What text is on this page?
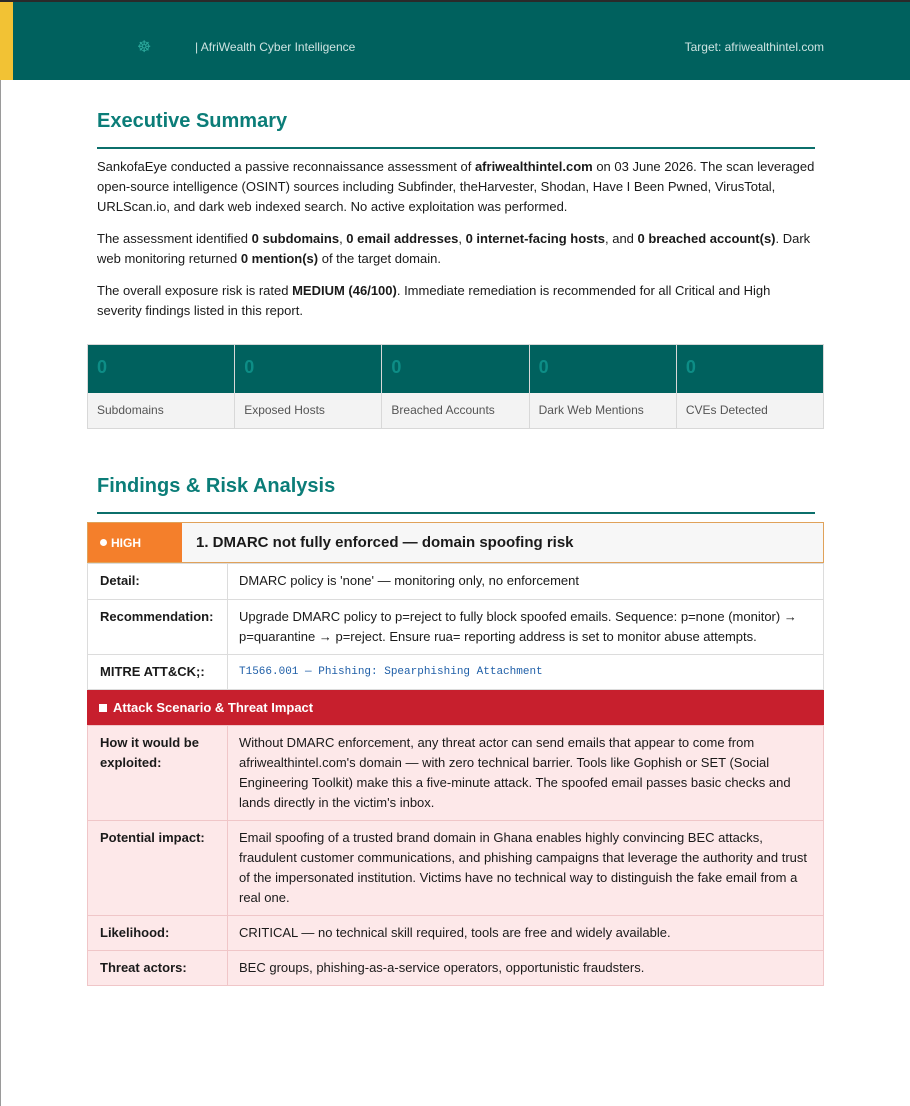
☸	| AfriWealth Cyber Intelligence	Target: afriwealthintel.com
Executive Summary
SankofaEye conducted a passive reconnaissance assessment of afriwealthintel.com on 03 June 2026. The scan leveraged open-source intelligence (OSINT) sources including Subfinder, theHarvester, Shodan, Have I Been Pwned, VirusTotal, URLScan.io, and dark web indexed search. No active exploitation was performed.
The assessment identified 0 subdomains, 0 email addresses, 0 internet-facing hosts, and 0 breached account(s). Dark web monitoring returned 0 mention(s) of the target domain.
The overall exposure risk is rated MEDIUM (46/100). Immediate remediation is recommended for all Critical and High severity findings listed in this report.
0
Subdomains
0
Exposed Hosts
0
Breached Accounts
0
Dark Web Mentions
0
CVEs Detected
Findings & Risk Analysis
HIGH	1. DMARC not fully enforced — domain spoofing risk
Detail:	DMARC policy is 'none' — monitoring only, no enforcement
Recommendation:	Upgrade DMARC policy to p=reject to fully block spoofed emails. Sequence: p=none (monitor) → p=quarantine → p=reject. Ensure rua= reporting address is set to monitor abuse attempts.
MITRE ATT&CK;:	T1566.001 — Phishing: Spearphishing Attachment
Attack Scenario & Threat Impact
How it would be exploited:	Without DMARC enforcement, any threat actor can send emails that appear to come from afriwealthintel.com's domain — with zero technical barrier. Tools like Gophish or SET (Social Engineering Toolkit) make this a five-minute attack. The spoofed email passes basic checks and lands directly in the victim's inbox.
Potential impact:	Email spoofing of a trusted brand domain in Ghana enables highly convincing BEC attacks, fraudulent customer communications, and phishing campaigns that leverage the authority and trust of the impersonated institution. Victims have no technical way to distinguish the fake email from a real one.
Likelihood:	CRITICAL — no technical skill required, tools are free and widely available.
Threat actors:	BEC groups, phishing-as-a-service operators, opportunistic fraudsters.
